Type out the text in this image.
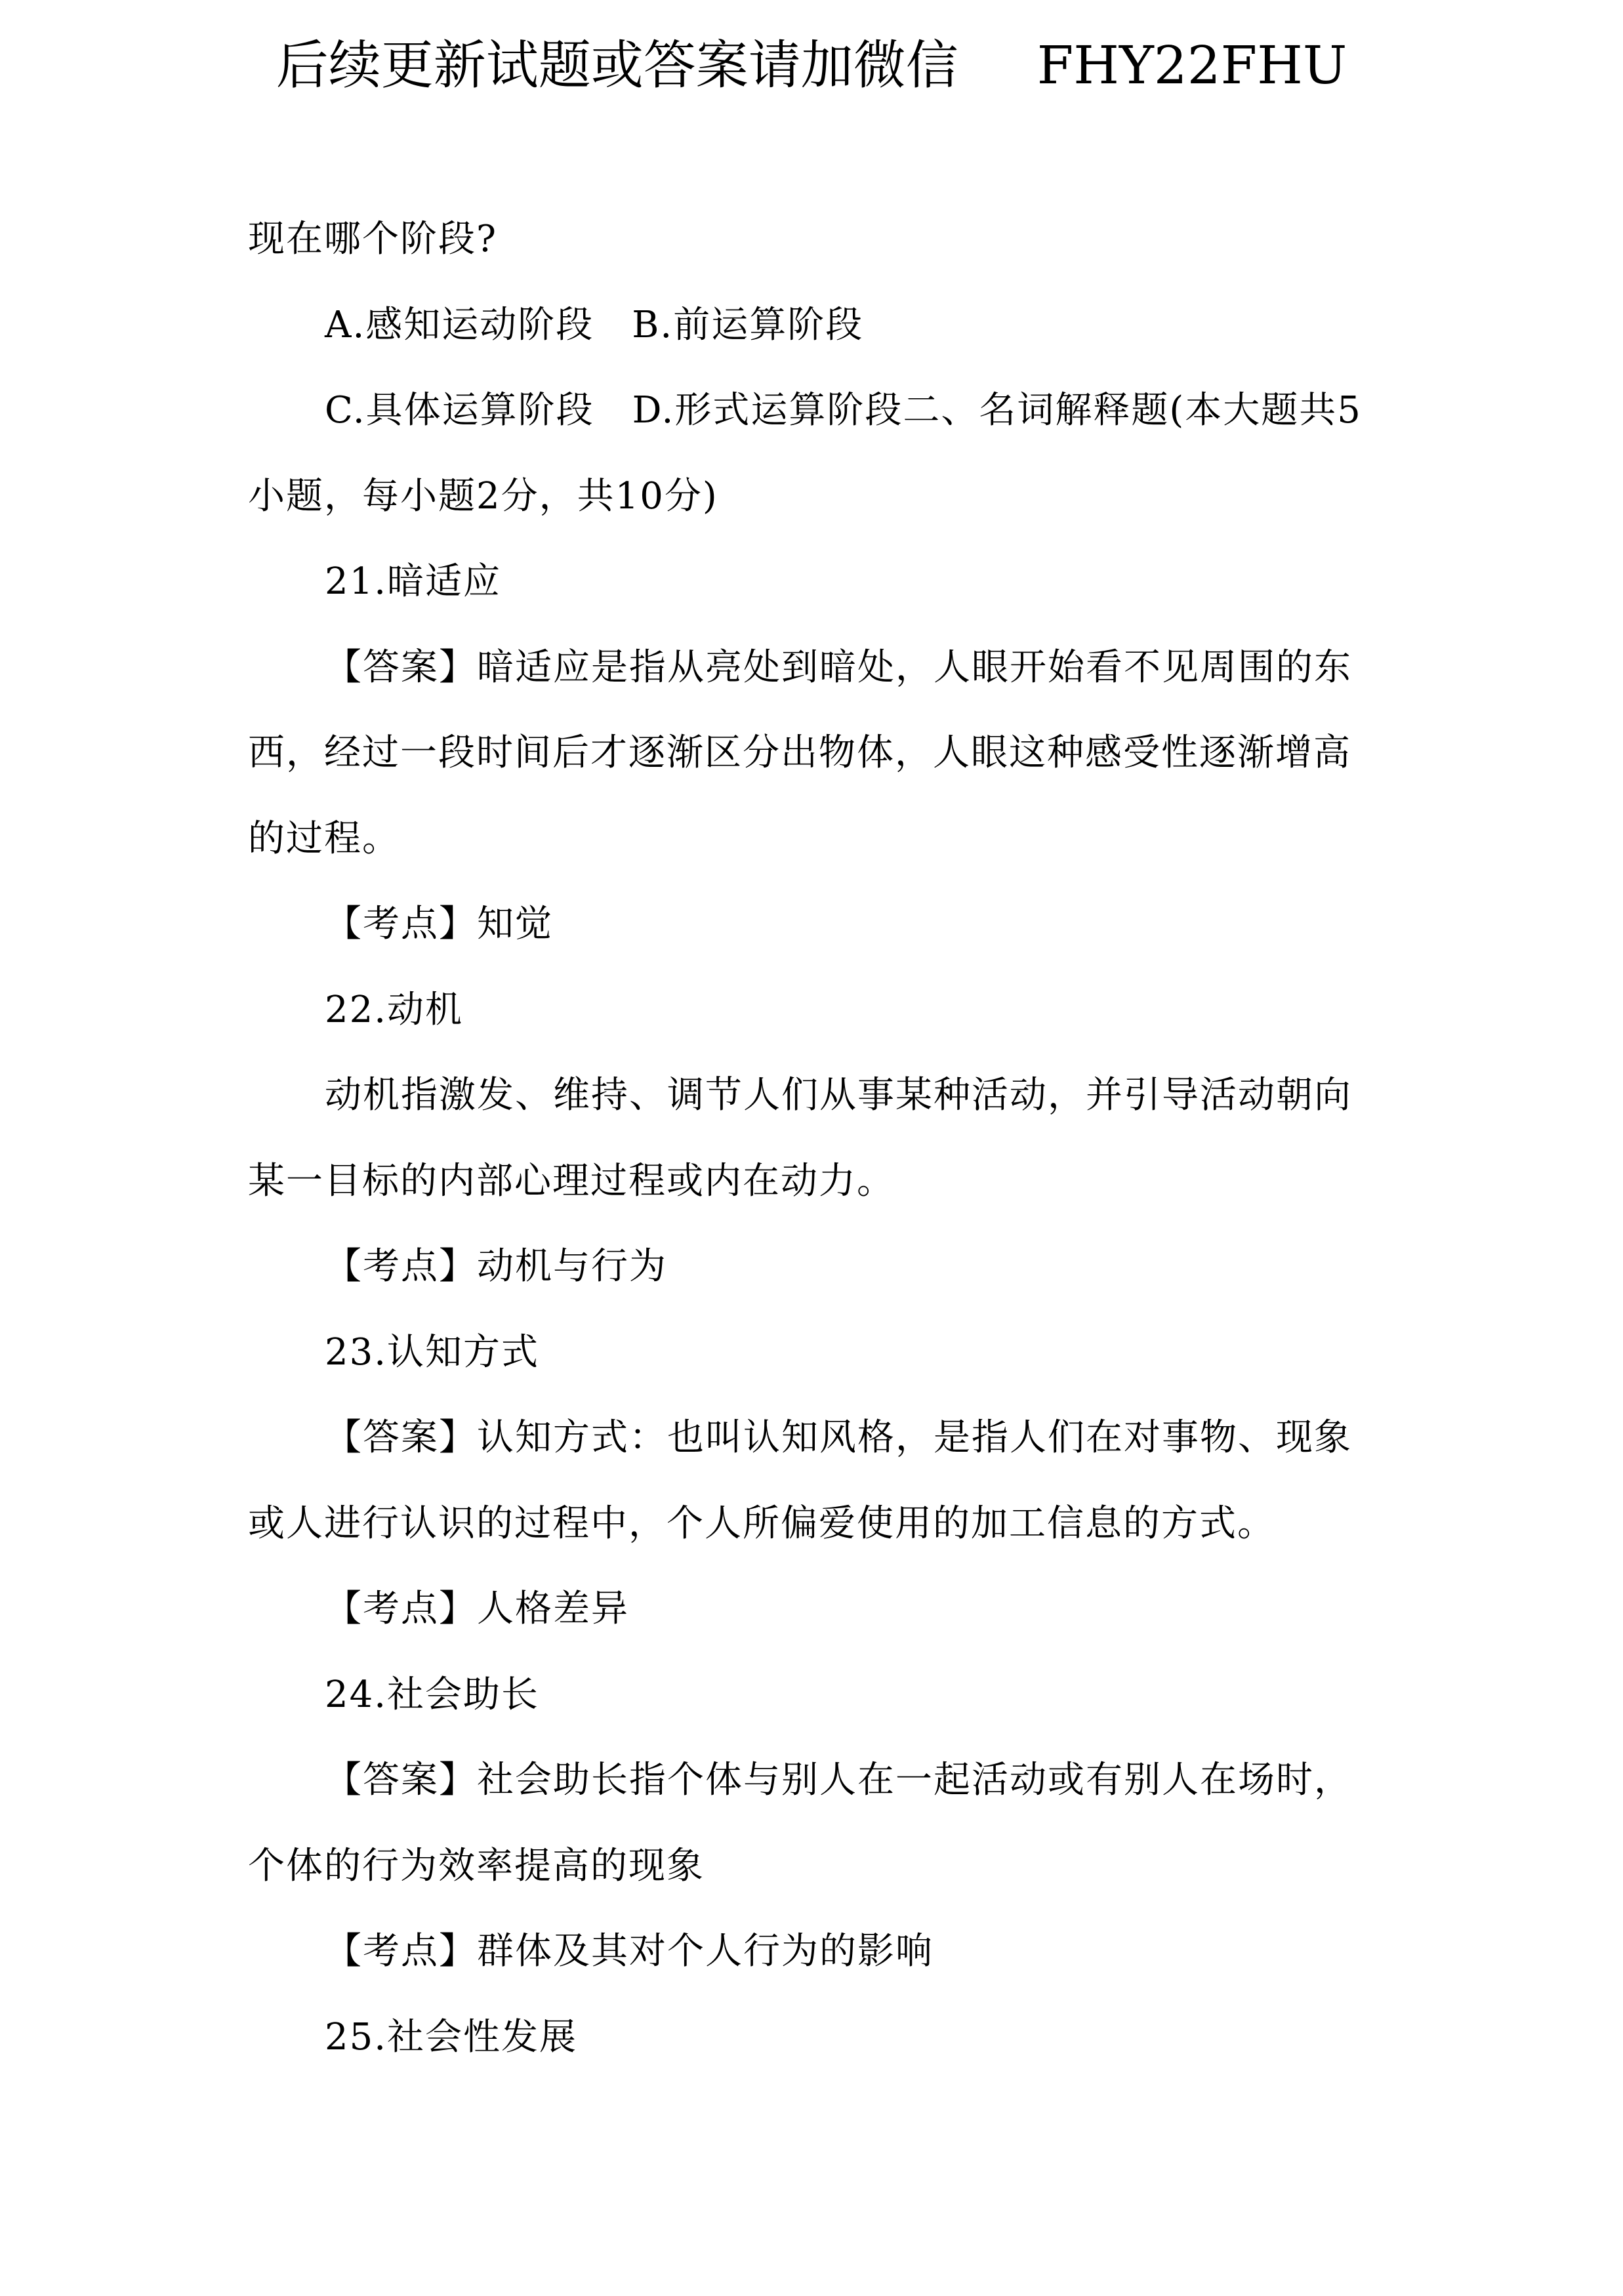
后续更新试题或答案请加微信 FHY22FHU
现在哪个阶段?
A.感知运动阶段　B.前运算阶段
C.具体运算阶段　D.形式运算阶段二、名词解释题(本大题共5
小题，每小题2分，共10分)
21.暗适应
【答案】暗适应是指从亮处到暗处，人眼开始看不见周围的东
西，经过一段时间后才逐渐区分出物体，人眼这种感受性逐渐增高
的过程。
【考点】知觉
22.动机
动机指激发、维持、调节人们从事某种活动，并引导活动朝向
某一目标的内部心理过程或内在动力。
【考点】动机与行为
23.认知方式
【答案】认知方式：也叫认知风格，是指人们在对事物、现象
或人进行认识的过程中，个人所偏爱使用的加工信息的方式。
【考点】人格差异
24.社会助长
【答案】社会助长指个体与别人在一起活动或有别人在场时，
个体的行为效率提高的现象
【考点】群体及其对个人行为的影响
25.社会性发展
